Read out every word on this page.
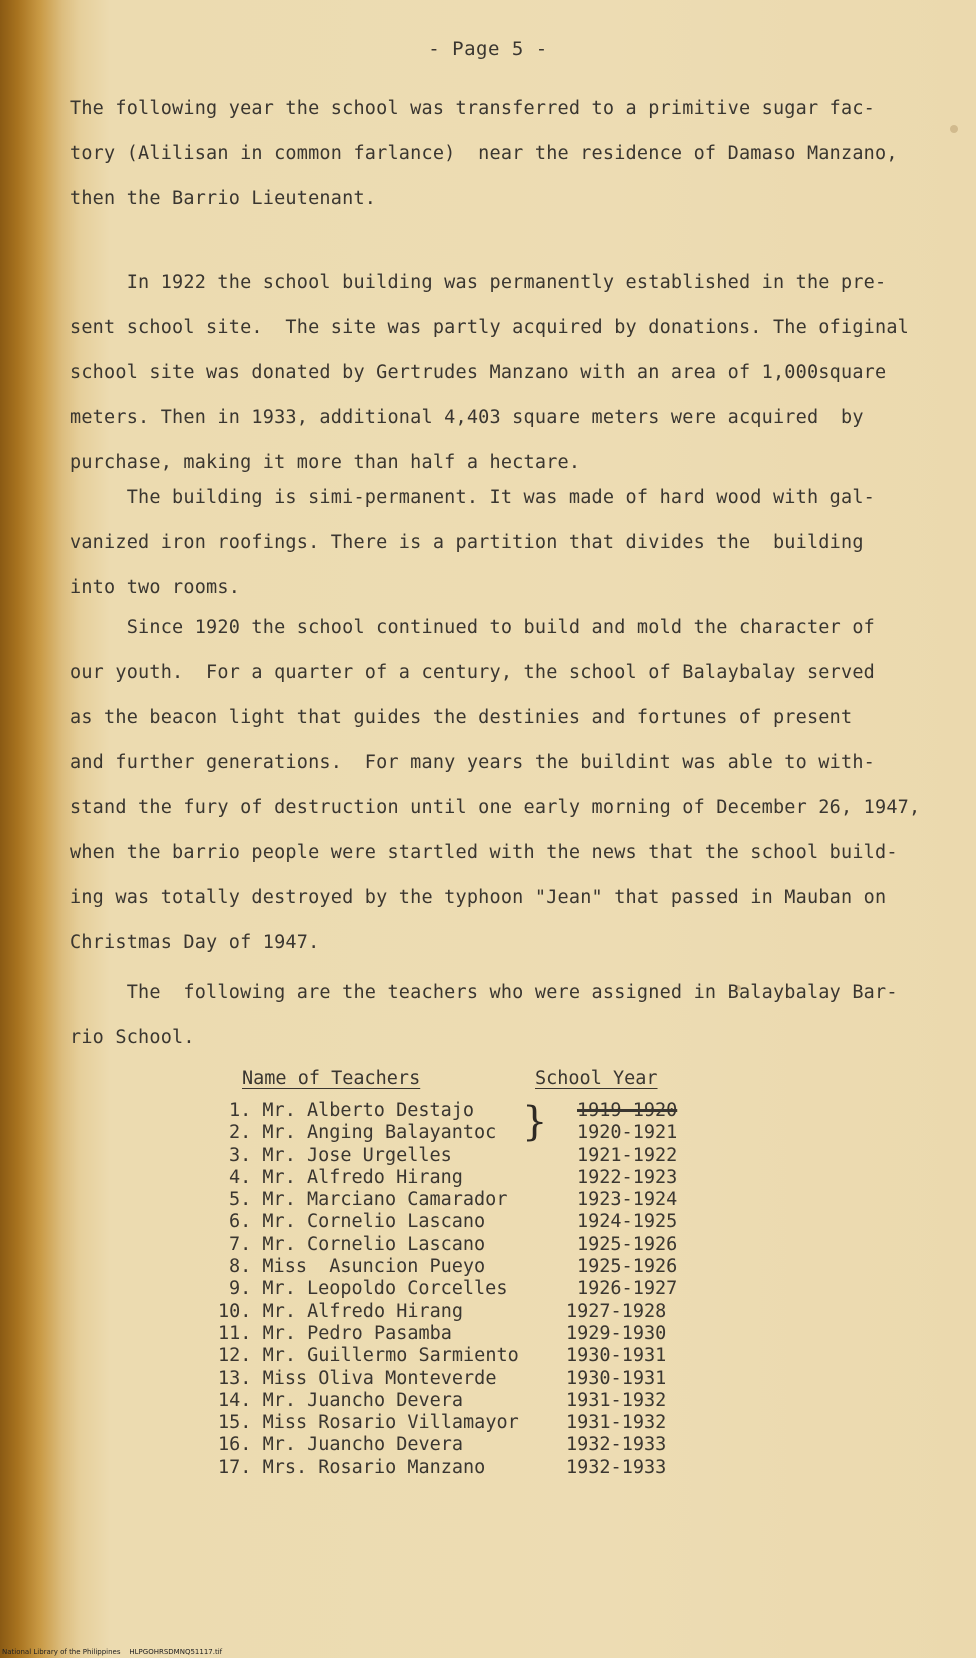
- Page 5 -
The following year the school was transferred to a primitive sugar fac-
tory (Alilisan in common farlance)  near the residence of Damaso Manzano,
then the Barrio Lieutenant.
In 1922 the school building was permanently established in the pre-
sent school site.  The site was partly acquired by donations. The ofiginal
school site was donated by Gertrudes Manzano with an area of 1,000square
meters. Then in 1933, additional 4,403 square meters were acquired  by
purchase, making it more than half a hectare.
The building is simi-permanent. It was made of hard wood with gal-
vanized iron roofings. There is a partition that divides the  building
into two rooms.
Since 1920 the school continued to build and mold the character of
our youth.  For a quarter of a century, the school of Balaybalay served
as the beacon light that guides the destinies and fortunes of present
and further generations.  For many years the buildint was able to with-
stand the fury of destruction until one early morning of December 26, 1947,
when the barrio people were startled with the news that the school build-
ing was totally destroyed by the typhoon "Jean" that passed in Mauban on
Christmas Day of 1947.
The  following are the teachers who were assigned in Balaybalay Bar-
rio School.
Name of Teachers	School Year
}
1. Mr. Alberto Destajo	1919-1920
2. Mr. Anging Balayantoc	1920-1921
3. Mr. Jose Urgelles	1921-1922
4. Mr. Alfredo Hirang	1922-1923
5. Mr. Marciano Camarador	1923-1924
6. Mr. Cornelio Lascano	1924-1925
7. Mr. Cornelio Lascano	1925-1926
8. Miss  Asuncion Pueyo	1925-1926
9. Mr. Leopoldo Corcelles	1926-1927
10. Mr. Alfredo Hirang	1927-1928
11. Mr. Pedro Pasamba	1929-1930
12. Mr. Guillermo Sarmiento	1930-1931
13. Miss Oliva Monteverde	1930-1931
14. Mr. Juancho Devera	1931-1932
15. Miss Rosario Villamayor	1931-1932
16. Mr. Juancho Devera	1932-1933
17. Mrs. Rosario Manzano	1932-1933
National Library of the Philippines    HLPGOHRSDMNQ51117.tif
